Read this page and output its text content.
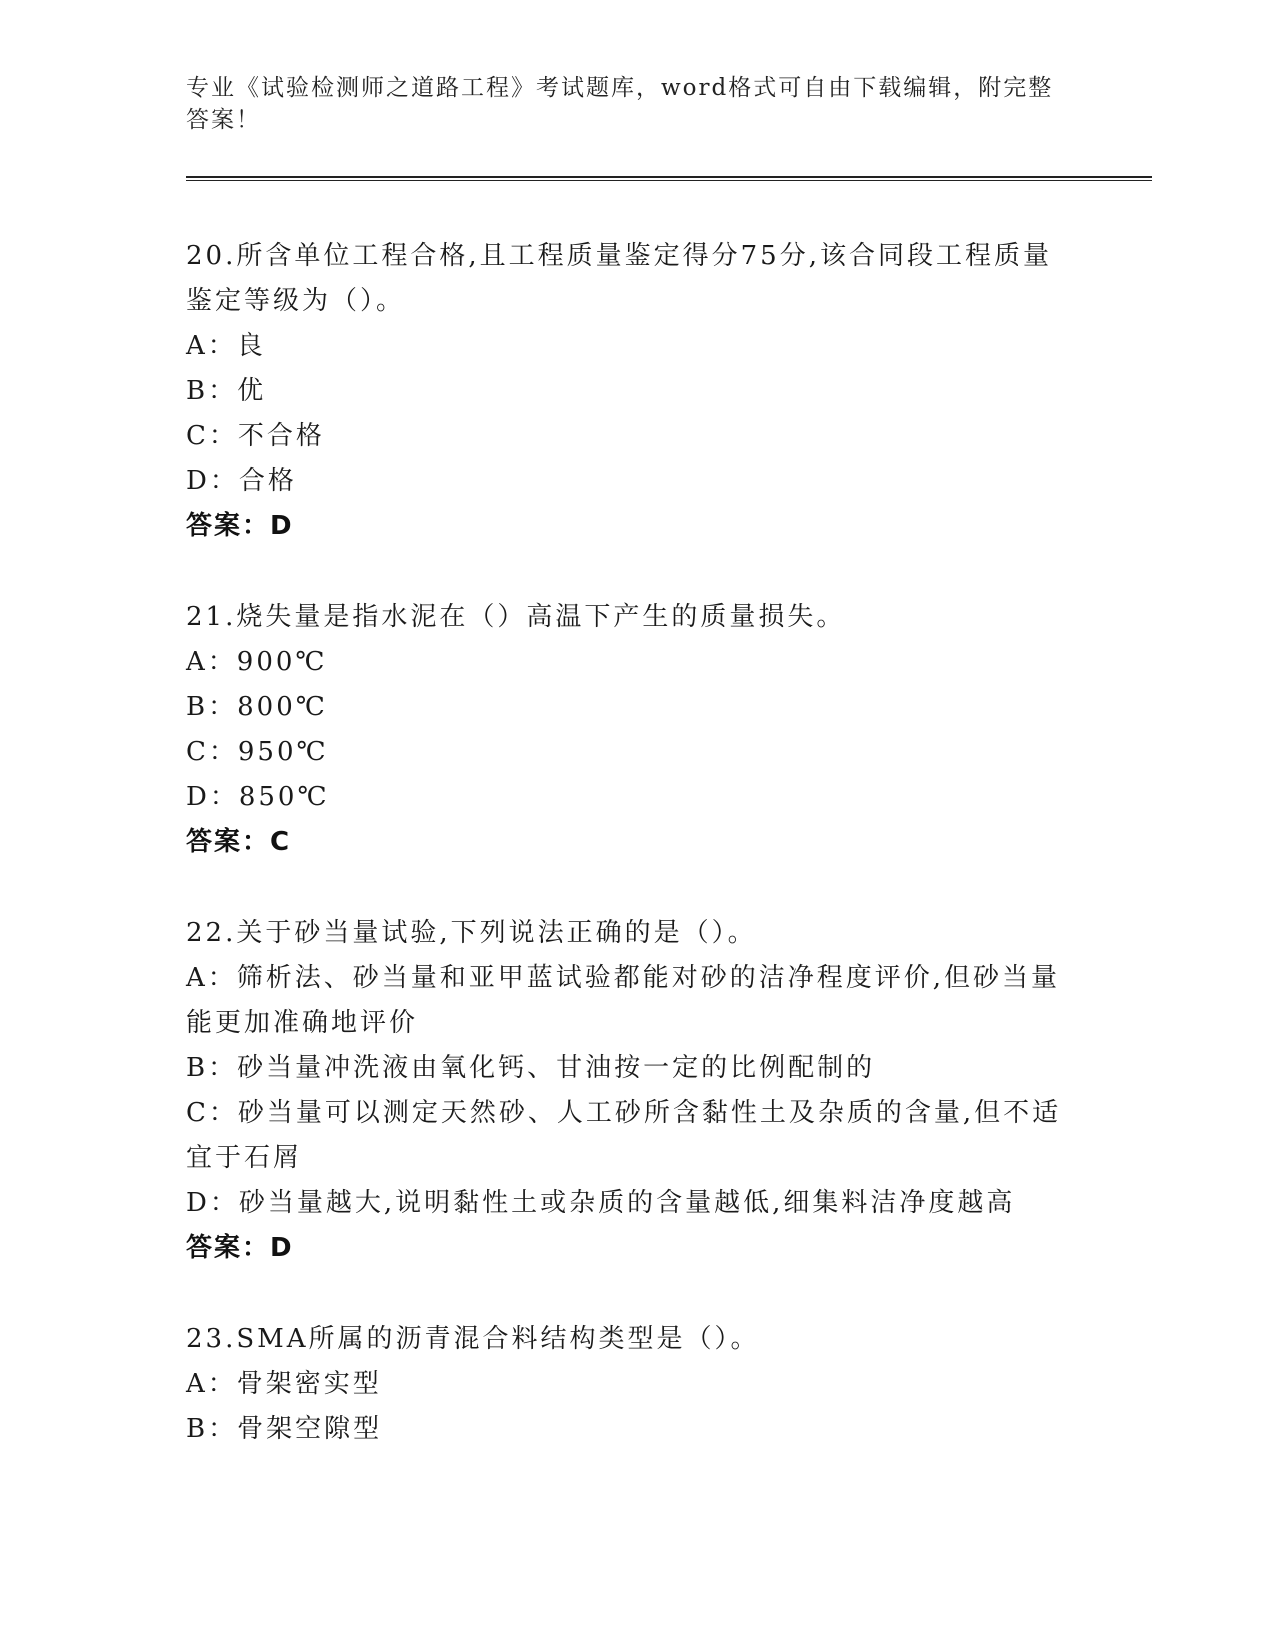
专业《试验检测师之道路工程》考试题库，word格式可自由下载编辑，附完整答案！

20.所含单位工程合格,且工程质量鉴定得分75分,该合同段工程质量鉴定等级为（）。

A：良

B：优

C：不合格

D：合格

答案：D

21.烧失量是指水泥在（）高温下产生的质量损失。

A：900℃

B：800℃

C：950℃

D：850℃

答案：C

22.关于砂当量试验,下列说法正确的是（）。

A：筛析法、砂当量和亚甲蓝试验都能对砂的洁净程度评价,但砂当量能更加准确地评价

B：砂当量冲洗液由氧化钙、甘油按一定的比例配制的

C：砂当量可以测定天然砂、人工砂所含黏性土及杂质的含量,但不适宜于石屑

D：砂当量越大,说明黏性土或杂质的含量越低,细集料洁净度越高

答案：D

23.SMA所属的沥青混合料结构类型是（）。

A：骨架密实型

B：骨架空隙型
